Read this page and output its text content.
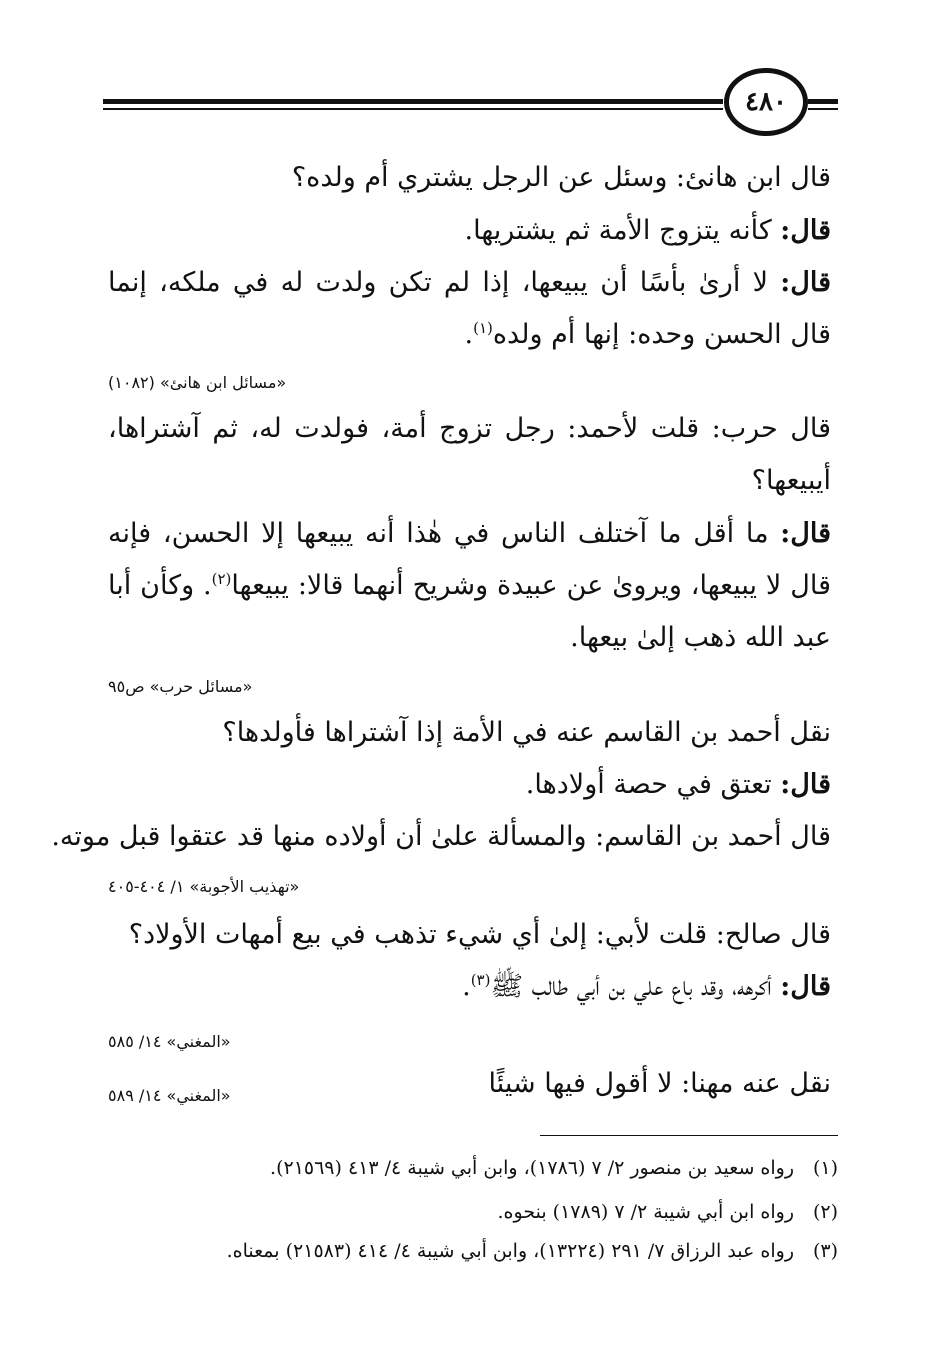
٤٨٠

قال ابن هانئ: وسئل عن الرجل يشتري أم ولده؟

قال: كأنه يتزوج الأمة ثم يشتريها.

قال: لا أرىٰ بأسًا أن يبيعها، إذا لم تكن ولدت له في ملكه، إنما قال الحسن وحده: إنها أم ولده$^{(١)}$.

«مسائل ابن هانئ» (١٠٨٢)

قال حرب: قلت لأحمد: رجل تزوج أمة، فولدت له، ثم آشتراها، أيبيعها؟

قال: ما أقل ما آختلف الناس في هٰذا أنه يبيعها إلا الحسن، فإنه قال لا يبيعها، ويروىٰ عن عبيدة وشريح أنهما قالا: يبيعها$^{(٢)}$. وكأن أبا عبد الله ذهب إلىٰ بيعها.

«مسائل حرب» ص٩٥

نقل أحمد بن القاسم عنه في الأمة إذا آشتراها فأولدها؟

قال: تعتق في حصة أولادها.

قال أحمد بن القاسم: والمسألة علىٰ أن أولاده منها قد عتقوا قبل موته.

«تهذيب الأجوبة» ١/ ٤٠٤-٤٠٥

قال صالح: قلت لأبي: إلىٰ أي شيء تذهب في بيع أمهات الأولاد؟

قال: أكرهه، وقد باع علي بن أبي طالب ﷺ$^{(٣)}$.

«المغني» ١٤/ ٥٨٥

نقل عنه مهنا: لا أقول فيها شيئًا

«المغني» ١٤/ ٥٨٩
(١)رواه سعيد بن منصور ٢/ ٧ (١٧٨٦)، وابن أبي شيبة ٤/ ٤١٣ (٢١٥٦٩).
(٢)رواه ابن أبي شيبة ٢/ ٧ (١٧٨٩) بنحوه.
(٣)رواه عبد الرزاق ٧/ ٢٩١ (١٣٢٢٤)، وابن أبي شيبة ٤/ ٤١٤ (٢١٥٨٣) بمعناه.
